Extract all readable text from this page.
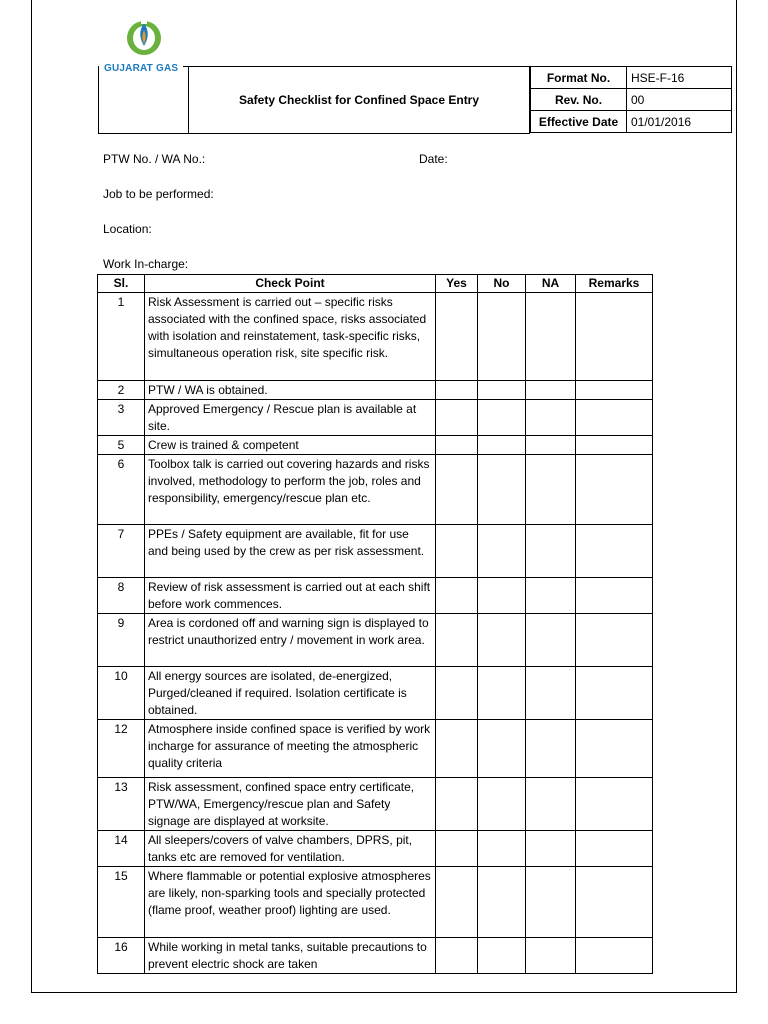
GUJARAT GAS
Safety Checklist for Confined Space Entry
Format No.	HSE-F-16
Rev. No.	00
Effective Date	01/01/2016
PTW No. / WA No.:	Date:
Job to be performed:
Location:
Work In-charge:
Sl.	Check Point	Yes	No	NA	Remarks
1	Risk Assessment is carried out – specific risks associated with the confined space, risks associated with isolation and reinstatement, task-specific risks, simultaneous operation risk, site specific risk.				
2	PTW / WA is obtained.				
3	Approved Emergency / Rescue plan is available at site.				
5	Crew is trained & competent				
6	Toolbox talk is carried out covering hazards and risks involved, methodology to perform the job, roles and responsibility, emergency/rescue plan etc.				
7	PPEs / Safety equipment are available, fit for use and being used by the crew as per risk assessment.				
8	Review of risk assessment is carried out at each shift before work commences.				
9	Area is cordoned off and warning sign is displayed to restrict unauthorized entry / movement in work area.				
10	All energy sources are isolated, de-energized, Purged/cleaned if required. Isolation certificate is obtained.				
12	Atmosphere inside confined space is verified by work incharge for assurance of meeting the atmospheric quality criteria				
13	Risk assessment, confined space entry certificate, PTW/WA, Emergency/rescue plan and Safety signage are displayed at worksite.				
14	All sleepers/covers of valve chambers, DPRS, pit, tanks etc are removed for ventilation.				
15	Where flammable or potential explosive atmospheres are likely, non-sparking tools and specially protected (flame proof, weather proof) lighting are used.				
16	While working in metal tanks, suitable precautions to prevent electric shock are taken				
